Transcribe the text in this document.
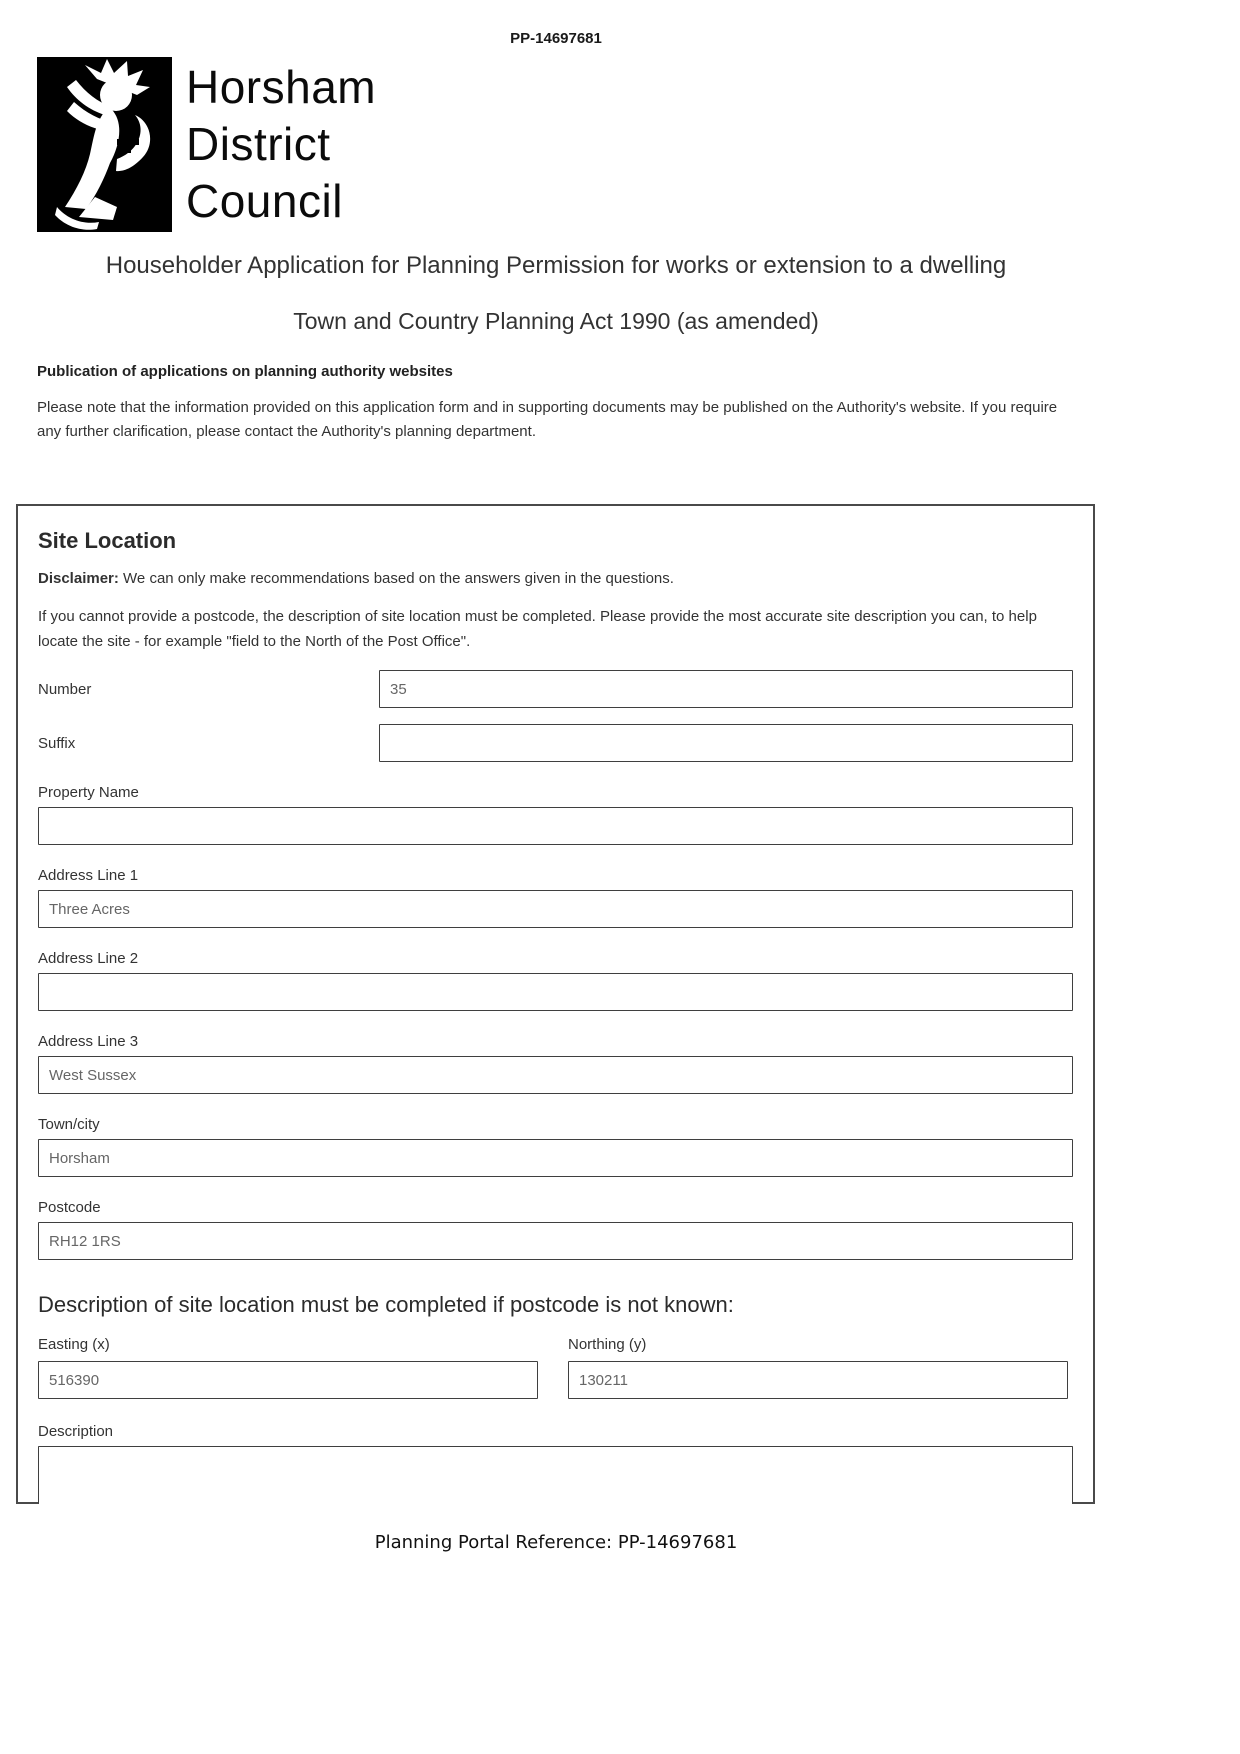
PP-14697681
Horsham
District
Council
Householder Application for Planning Permission for works or extension to a dwelling
Town and Country Planning Act 1990 (as amended)
Publication of applications on planning authority websites
Please note that the information provided on this application form and in supporting documents may be published on the Authority's website. If you require any further clarification, please contact the Authority's planning department.
Site Location
Disclaimer: We can only make recommendations based on the answers given in the questions.
If you cannot provide a postcode, the description of site location must be completed. Please provide the most accurate site description you can, to help locate the site - for example "field to the North of the Post Office".
Number
35
Suffix
Property Name
Address Line 1
Three Acres
Address Line 2
Address Line 3
West Sussex
Town/city
Horsham
Postcode
RH12 1RS
Description of site location must be completed if postcode is not known:
Easting (x)
516390	Northing (y)
130211
Description
Planning Portal Reference: PP-14697681
